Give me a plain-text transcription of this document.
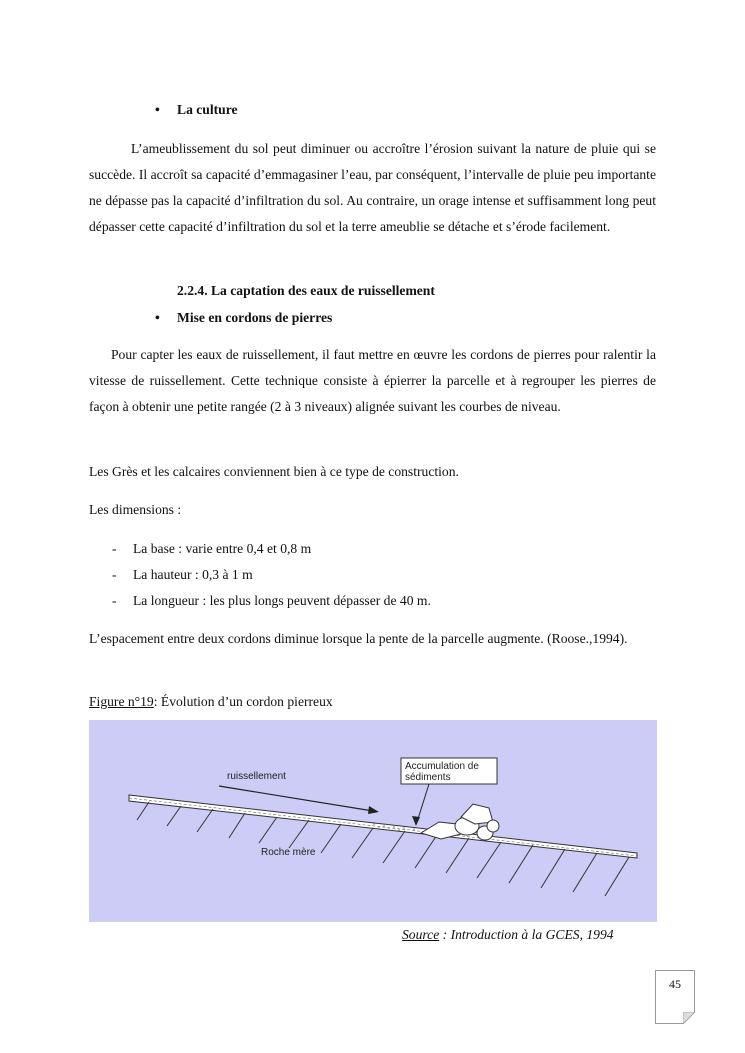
• La culture
L’ameublissement du sol peut diminuer ou accroître l’érosion suivant la nature de pluie qui se succède. Il accroît sa capacité d’emmagasiner l’eau, par conséquent, l’intervalle de pluie peu importante ne dépasse pas la capacité d’infiltration du sol. Au contraire, un orage intense et suffisamment long peut dépasser cette capacité d’infiltration du sol et la terre ameublie se détache et s’érode facilement.
2.2.4. La captation des eaux de ruissellement
• Mise en cordons de pierres
Pour capter les eaux de ruissellement, il faut mettre en œuvre les cordons de pierres pour ralentir la vitesse de ruissellement. Cette technique consiste à épierrer la parcelle et à regrouper les pierres de façon à obtenir une petite rangée (2 à 3 niveaux) alignée suivant les courbes de niveau.
Les Grès et les calcaires conviennent bien à ce type de construction.
Les dimensions :
- La base : varie entre 0,4 et 0,8 m
- La hauteur : 0,3 à 1 m
- La longueur : les plus longs peuvent dépasser de 40 m.
L’espacement entre deux cordons diminue lorsque la pente de la parcelle augmente. (Roose.,1994).
Figure n°19: Évolution d’un cordon pierreux
Accumulation de
sédiments
ruissellement
Roche mère
Source : Introduction à la GCES, 1994
45
